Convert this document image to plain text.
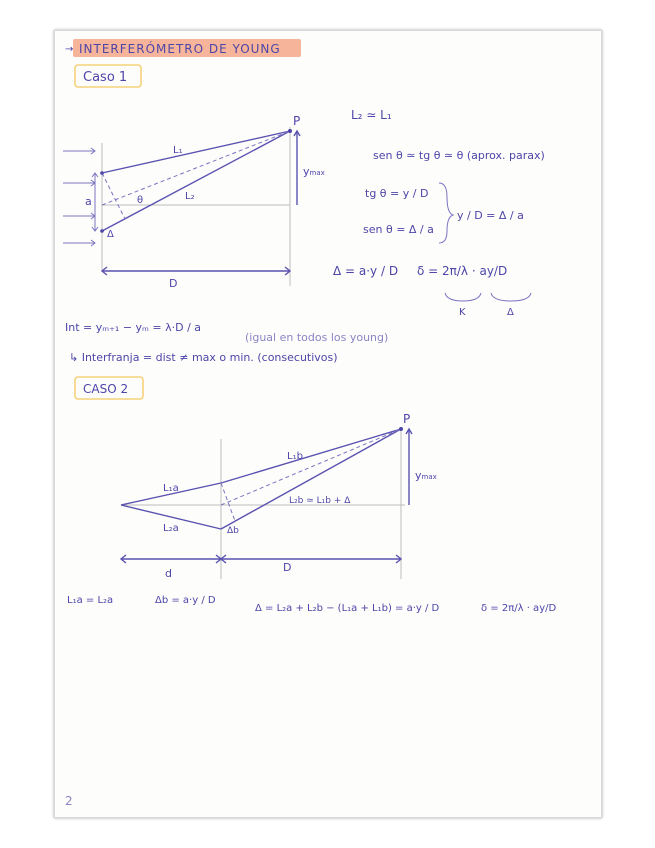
→ INTERFERÓMETRO DE YOUNG
Caso 1
P
L₁
L₂
a	θ
Δ
D
ymax
L₂ ≃ L₁
sen θ ≃ tg θ ≃ θ (aprox. parax)
tg θ = y / D
sen θ = Δ / a
y / D = Δ / a
Δ = a·y / D δ = 2π/λ · ay/D
K	Δ
Int = yₘ₊₁ − yₘ = λ·D / a
(igual en todos los young)
↳ Interfranja = dist ≠ max o min. (consecutivos)
CASO 2
P
L₁b
L₁a
L₂a
L₂b ≃ L₁b + Δ
Δb
d	D
ymax
L₁a = L₂a	Δb = a·y / D
Δ = L₂a + L₂b − (L₁a + L₁b) = a·y / D	δ = 2π/λ · ay/D
2
